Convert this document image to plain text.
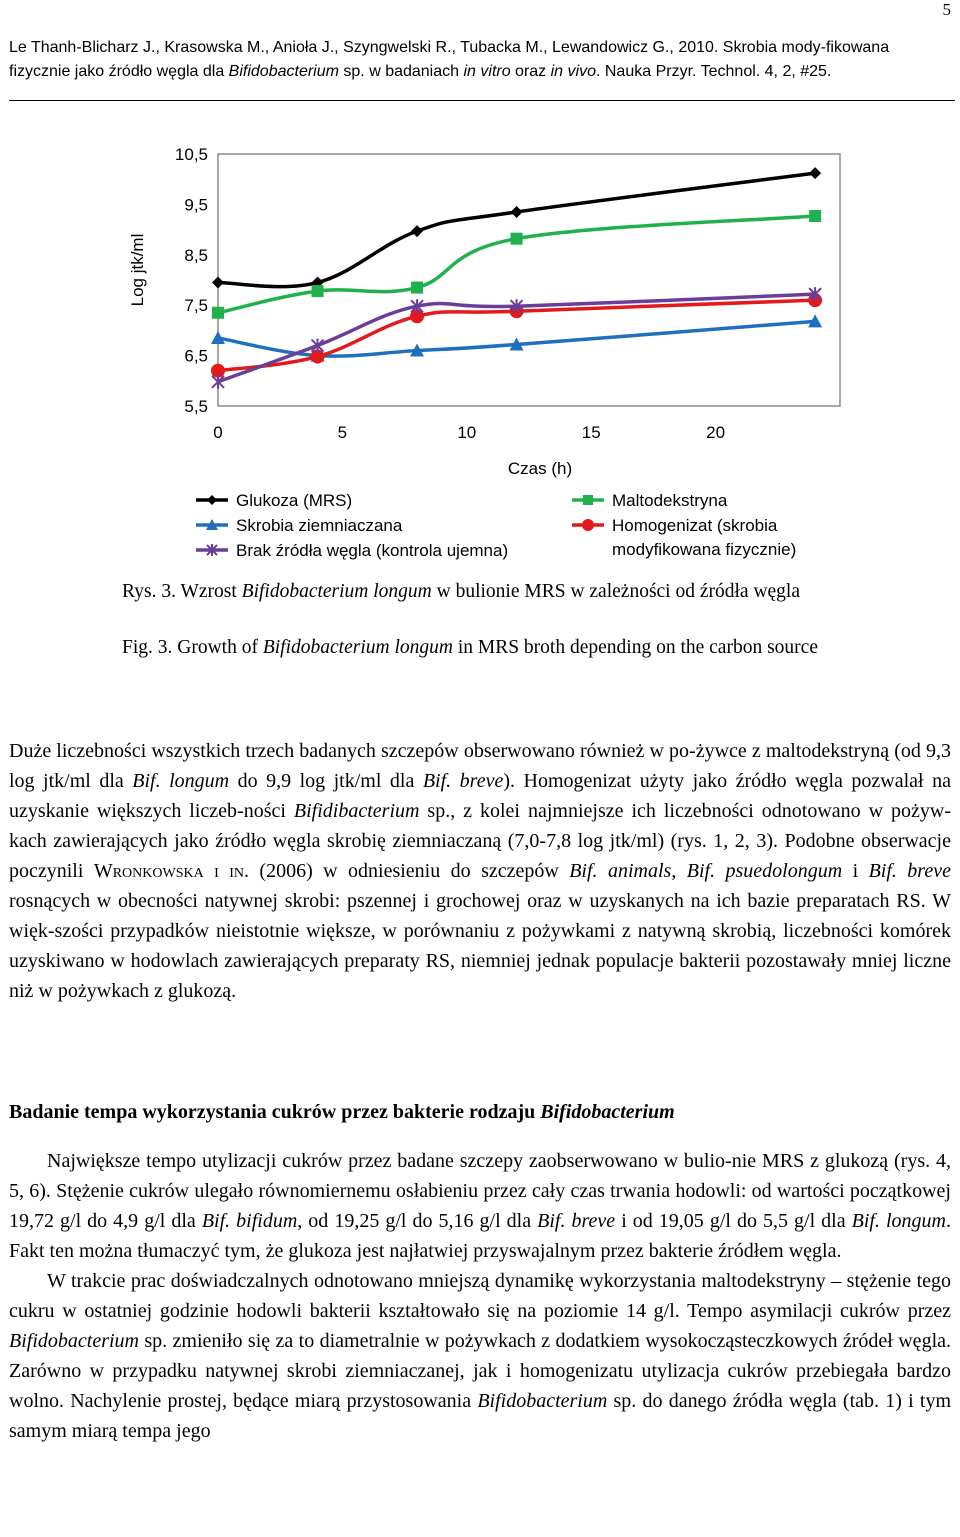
5
Le Thanh-Blicharz J., Krasowska M., Anioła J., Szyngwelski R., Tubacka M., Lewandowicz G., 2010. Skrobia mody-fikowana fizycznie jako źródło węgla dla Bifidobacterium sp. w badaniach in vitro oraz in vivo. Nauka Przyr. Technol. 4, 2, #25.
10,5
9,5
8,5
7,5
6,5
5,5
0	5	10	15	20
Log jtk/ml
Czas (h)
Glukoza (MRS)
Skrobia ziemniaczana
Brak źródła węgla (kontrola ujemna)
Maltodekstryna
Homogenizat (skrobia
modyfikowana fizycznie)
Rys. 3. Wzrost Bifidobacterium longum w bulionie MRS w zależności od źródła węgla
Fig. 3. Growth of Bifidobacterium longum in MRS broth depending on the carbon source
Duże liczebności wszystkich trzech badanych szczepów obserwowano również w po-żywce z maltodekstryną (od 9,3 log jtk/ml dla Bif. longum do 9,9 log jtk/ml dla Bif. breve). Homogenizat użyty jako źródło węgla pozwalał na uzyskanie większych liczeb-ności Bifidibacterium sp., z kolei najmniejsze ich liczebności odnotowano w pożyw-kach zawierających jako źródło węgla skrobię ziemniaczaną (7,0-7,8 log jtk/ml) (rys. 1, 2, 3). Podobne obserwacje poczynili Wronkowska i in. (2006) w odniesieniu do szczepów Bif. animals, Bif. psuedolongum i Bif. breve rosnących w obecności natywnej skrobi: pszennej i grochowej oraz w uzyskanych na ich bazie preparatach RS. W więk-szości przypadków nieistotnie większe, w porównaniu z pożywkami z natywną skrobią, liczebności komórek uzyskiwano w hodowlach zawierających preparaty RS, niemniej jednak populacje bakterii pozostawały mniej liczne niż w pożywkach z glukozą.
Badanie tempa wykorzystania cukrów przez bakterie rodzaju Bifidobacterium

Największe tempo utylizacji cukrów przez badane szczepy zaobserwowano w bulio-nie MRS z glukozą (rys. 4, 5, 6). Stężenie cukrów ulegało równomiernemu osłabieniu przez cały czas trwania hodowli: od wartości początkowej 19,72 g/l do 4,9 g/l dla Bif. bifidum, od 19,25 g/l do 5,16 g/l dla Bif. breve i od 19,05 g/l do 5,5 g/l dla Bif. longum. Fakt ten można tłumaczyć tym, że glukoza jest najłatwiej przyswajalnym przez bakterie źródłem węgla.

W trakcie prac doświadczalnych odnotowano mniejszą dynamikę wykorzystania maltodekstryny – stężenie tego cukru w ostatniej godzinie hodowli bakterii kształtowało się na poziomie 14 g/l. Tempo asymilacji cukrów przez Bifidobacterium sp. zmieniło się za to diametralnie w pożywkach z dodatkiem wysokocząsteczkowych źródeł węgla. Zarówno w przypadku natywnej skrobi ziemniaczanej, jak i homogenizatu utylizacja cukrów przebiegała bardzo wolno. Nachylenie prostej, będące miarą przystosowania Bifidobacterium sp. do danego źródła węgla (tab. 1) i tym samym miarą tempa jego
